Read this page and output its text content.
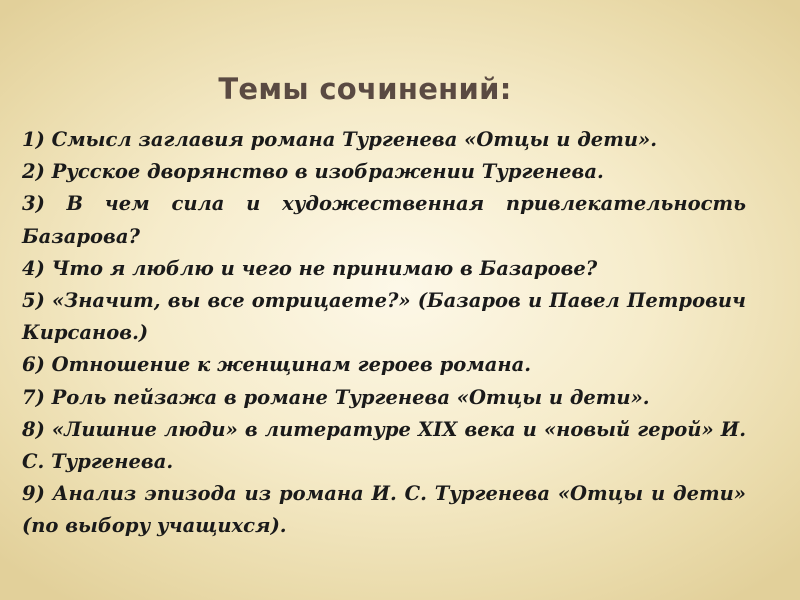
Темы сочинений:
1) Смысл заглавия романа Тургенева «Отцы и дети».
2) Русское дворянство в изображении Тургенева.
3) В чем сила и художественная привлекательность Базарова?
4) Что я люблю и чего не принимаю в Базарове?
5) «Значит, вы все отрицаете?» (Базаров и Павел Петрович Кирсанов.)
6) Отношение к женщинам героев романа.
7) Роль пейзажа в романе Тургенева «Отцы и дети».
8) «Лишние люди» в литературе XIX века и «новый герой» И. С. Тургенева.
9) Анализ эпизода из романа И. С. Тургенева «Отцы и дети» (по выбору учащихся).
